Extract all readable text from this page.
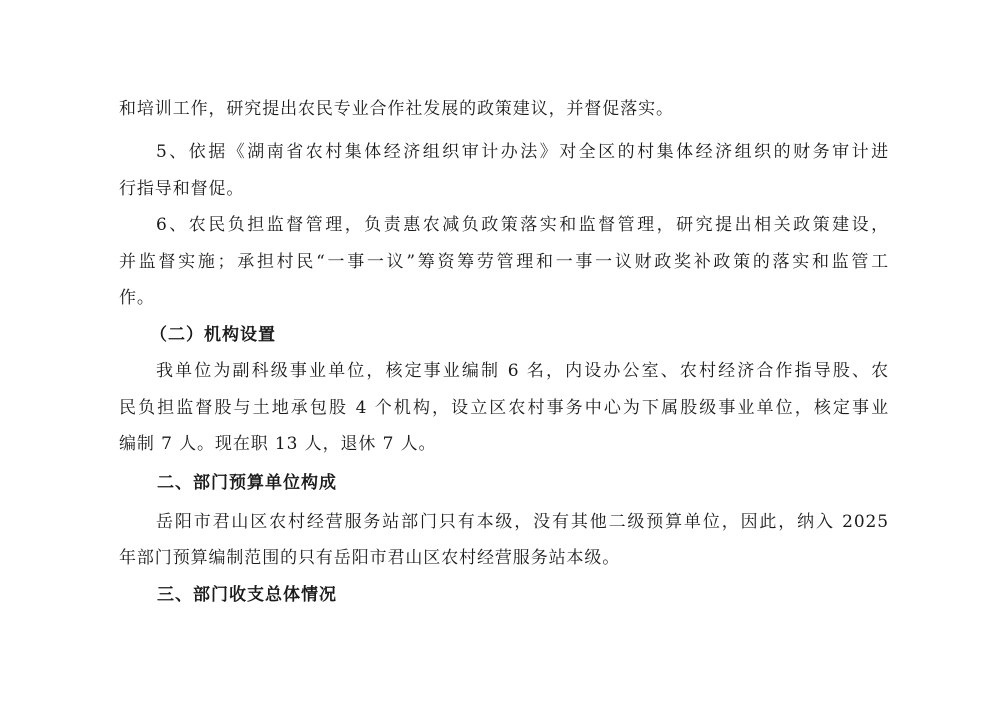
和培训工作，研究提出农民专业合作社发展的政策建议，并督促落实。
5、依据《湖南省农村集体经济组织审计办法》对全区的村集体经济组织的财务审计进
行指导和督促。
6、农民负担监督管理，负责惠农减负政策落实和监督管理，研究提出相关政策建设，
并监督实施；承担村民“一事一议”筹资筹劳管理和一事一议财政奖补政策的落实和监管工
作。
（二）机构设置
我单位为副科级事业单位，核定事业编制 6 名，内设办公室、农村经济合作指导股、农
民负担监督股与土地承包股 4 个机构，设立区农村事务中心为下属股级事业单位，核定事业
编制 7 人。现在职 13 人，退休 7 人。
二、部门预算单位构成
岳阳市君山区农村经营服务站部门只有本级，没有其他二级预算单位，因此，纳入 2025
年部门预算编制范围的只有岳阳市君山区农村经营服务站本级。
三、部门收支总体情况
